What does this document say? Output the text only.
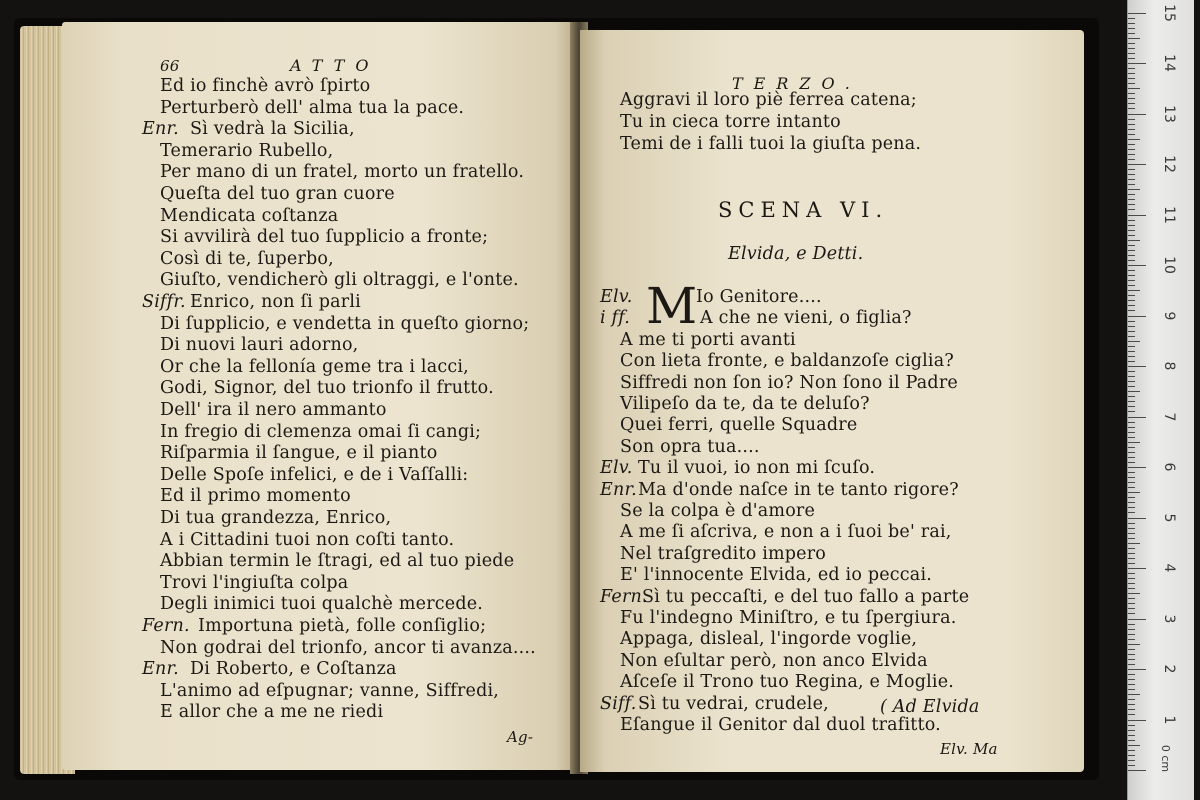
66	ATTO
Ed io finchè avrò ſpirto
Perturberò dell' alma tua la pace.
Enr. Sì vedrà la Sicilia,
Temerario Rubello,
Per mano di un fratel, morto un fratello.
Queſta del tuo gran cuore
Mendicata coſtanza
Si avvilirà del tuo ſupplicio a fronte;
Così di te, ſuperbo,
Giuſto, vendicherò gli oltraggi, e l'onte.
Siffr. Enrico, non ſi parli
Di ſupplicio, e vendetta in queſto giorno;
Di nuovi lauri adorno,
Or che la fellonía geme tra i lacci,
Godi, Signor, del tuo trionfo il frutto.
Dell' ira il nero ammanto
In fregio di clemenza omai ſi cangi;
Riſparmia il ſangue, e il pianto
Delle Spoſe infelici, e de i Vaſſalli:
Ed il primo momento
Di tua grandezza, Enrico,
A i Cittadini tuoi non coſti tanto.
Abbian termin le ſtragi, ed al tuo piede
Trovi l'ingiuſta colpa
Degli inimici tuoi qualchè mercede.
Fern. Importuna pietà, folle conſiglio;
Non godrai del trionfo, ancor ti avanza....
Enr. Di Roberto, e Coſtanza
L'animo ad eſpugnar; vanne, Siffredi,
E allor che a me ne riedi
Ag-
TERZO.
Aggravi il loro piè ferrea catena;
Tu in cieca torre intanto
Temi de i falli tuoi la giuſta pena.
SCENA VI.
Elvida, e Detti.
M
Elv.	Io Genitore....
i ff.	A che ne vieni, o figlia?
A me ti porti avanti
Con lieta fronte, e baldanzoſe ciglia?
Siffredi non ſon io? Non ſono il Padre
Vilipeſo da te, da te deluſo?
Quei ferri, quelle Squadre
Son opra tua....
Elv. Tu il vuoi, io non mi ſcuſo.
Enr. Ma d'onde naſce in te tanto rigore?
Se la colpa è d'amore
A me ſi aſcriva, e non a i ſuoi be' rai,
Nel traſgredito impero
E' l'innocente Elvida, ed io peccai.
Fern.
Sì tu peccaſti, e del tuo fallo a parte
Fu l'indegno Miniſtro, e tu ſpergiura.
Appaga, disleal, l'ingorde voglie,
Non eſultar però, non anco Elvida
Aſceſe il Trono tuo Regina, e Moglie.
Siff. Sì tu vedrai, crudele,
Eſangue il Genitor dal duol trafitto.
( Ad Elvida
Elv. Ma
15
14
13
12
11
10
9
8
7
6
5
4
3
2
1
0 cm
